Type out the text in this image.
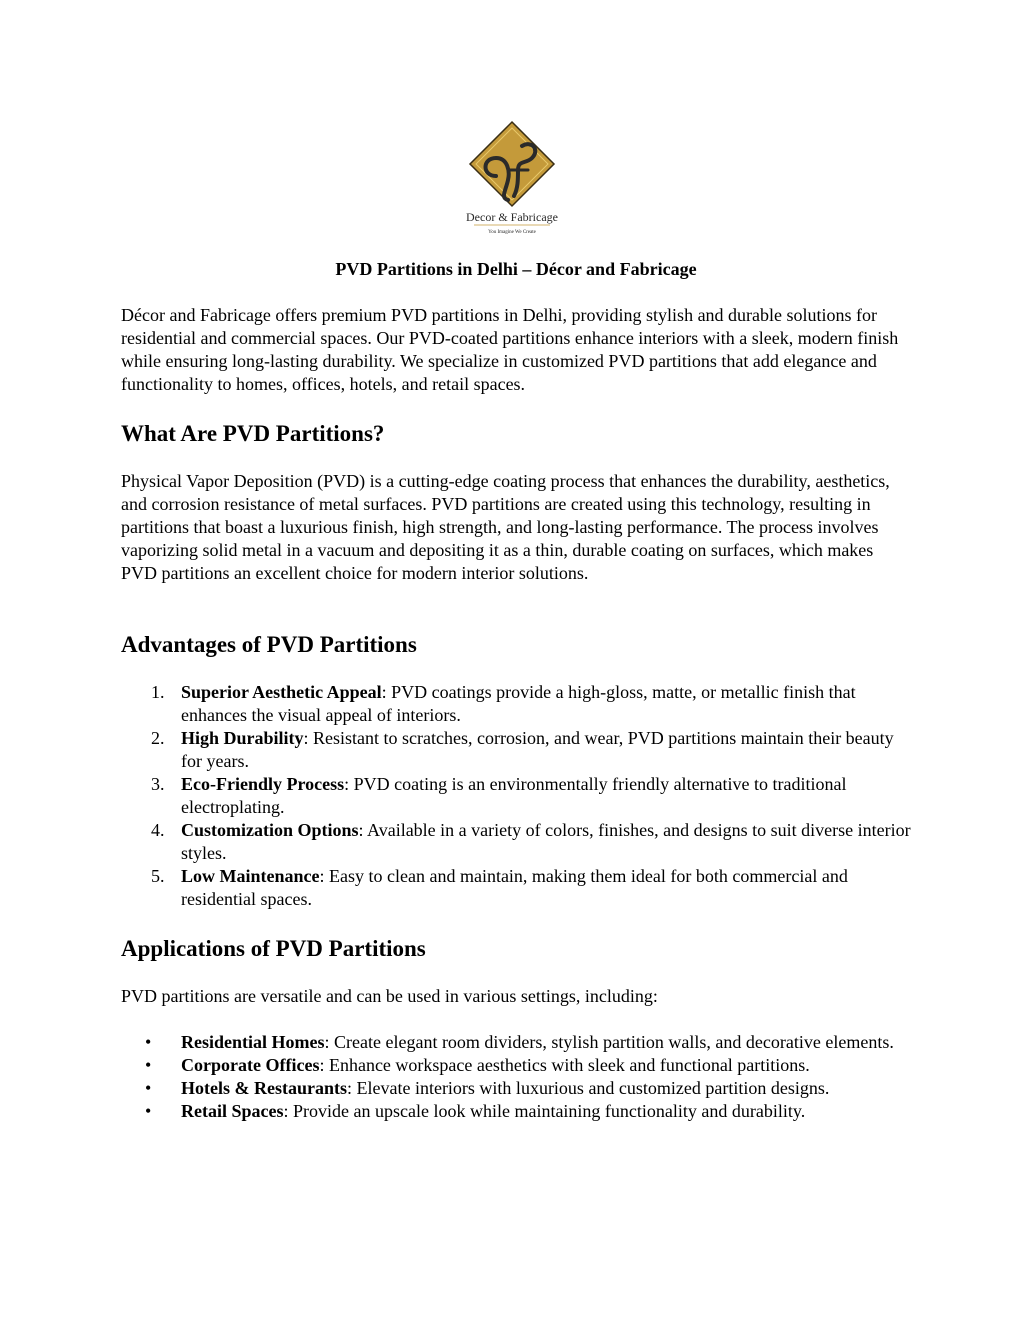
Decor & Fabricage
You Imagine We Create
PVD Partitions in Delhi – Décor and Fabricage
Décor and Fabricage offers premium PVD partitions in Delhi, providing stylish and durable solutions for residential and commercial spaces. Our PVD-coated partitions enhance interiors with a sleek, modern finish while ensuring long-lasting durability. We specialize in customized PVD partitions that add elegance and functionality to homes, offices, hotels, and retail spaces.
What Are PVD Partitions?
Physical Vapor Deposition (PVD) is a cutting-edge coating process that enhances the durability, aesthetics, and corrosion resistance of metal surfaces. PVD partitions are created using this technology, resulting in partitions that boast a luxurious finish, high strength, and long-lasting performance. The process involves vaporizing solid metal in a vacuum and depositing it as a thin, durable coating on surfaces, which makes PVD partitions an excellent choice for modern interior solutions.
Advantages of PVD Partitions
1. Superior Aesthetic Appeal: PVD coatings provide a high-gloss, matte, or metallic finish that enhances the visual appeal of interiors.
2. High Durability: Resistant to scratches, corrosion, and wear, PVD partitions maintain their beauty for years.
3. Eco-Friendly Process: PVD coating is an environmentally friendly alternative to traditional electroplating.
4. Customization Options: Available in a variety of colors, finishes, and designs to suit diverse interior styles.
5. Low Maintenance: Easy to clean and maintain, making them ideal for both commercial and residential spaces.
Applications of PVD Partitions
PVD partitions are versatile and can be used in various settings, including:
• Residential Homes: Create elegant room dividers, stylish partition walls, and decorative elements.
• Corporate Offices: Enhance workspace aesthetics with sleek and functional partitions.
• Hotels & Restaurants: Elevate interiors with luxurious and customized partition designs.
• Retail Spaces: Provide an upscale look while maintaining functionality and durability.
